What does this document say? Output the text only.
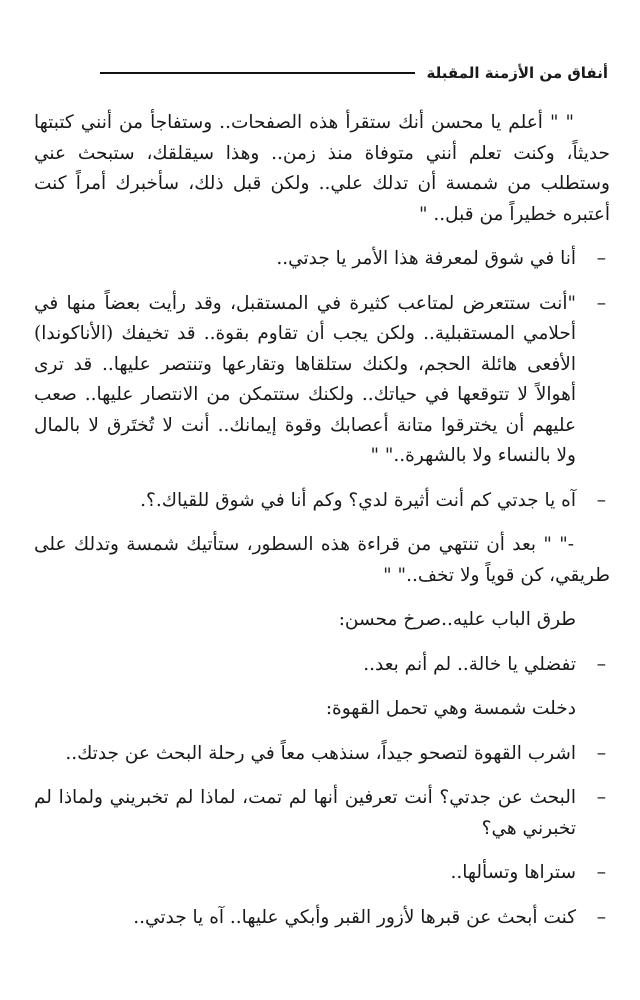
أنفاق من الأزمنة المقبلة

" " أعلم يا محسن أنك ستقرأ هذه الصفحات.. وستفاجأ من أنني كتبتها حديثاً، وكنت تعلم أنني متوفاة منذ زمن.. وهذا سيقلقك، ستبحث عني وستطلب من شمسة أن تدلك علي.. ولكن قبل ذلك، سأخبرك أمراً كنت أعتبره خطيراً من قبل.. "

–
أنا في شوق لمعرفة هذا الأمر يا جدتي..

–
"أنت ستتعرض لمتاعب كثيرة في المستقبل، وقد رأيت بعضاً منها في أحلامي المستقبلية.. ولكن يجب أن تقاوم بقوة.. قد تخيفك (الأناكوندا) الأفعى هائلة الحجم، ولكنك ستلقاها وتقارعها وتنتصر عليها.. قد ترى أهوالاً لا تتوقعها في حياتك.. ولكنك ستتمكن من الانتصار عليها.. صعب عليهم أن يخترقوا متانة أعصابك وقوة إيمانك.. أنت لا تُختَرق لا بالمال ولا بالنساء ولا بالشهرة.." "

–
آه يا جدتي كم أنت أثيرة لدي؟ وكم أنا في شوق للقياك.؟.

-" " بعد أن تنتهي من قراءة هذه السطور، ستأتيك شمسة وتدلك على طريقي، كن قوياً ولا تخف.." "

طرق الباب عليه..صرخ محسن:

–
تفضلي يا خالة.. لم أنم بعد..

دخلت شمسة وهي تحمل القهوة:

–
اشرب القهوة لتصحو جيداً، سنذهب معاً في رحلة البحث عن جدتك..

–
البحث عن جدتي؟ أنت تعرفين أنها لم تمت، لماذا لم تخبريني ولماذا لم تخبرني هي؟

–
ستراها وتسألها..

–
كنت أبحث عن قبرها لأزور القبر وأبكي عليها.. آه يا جدتي..
